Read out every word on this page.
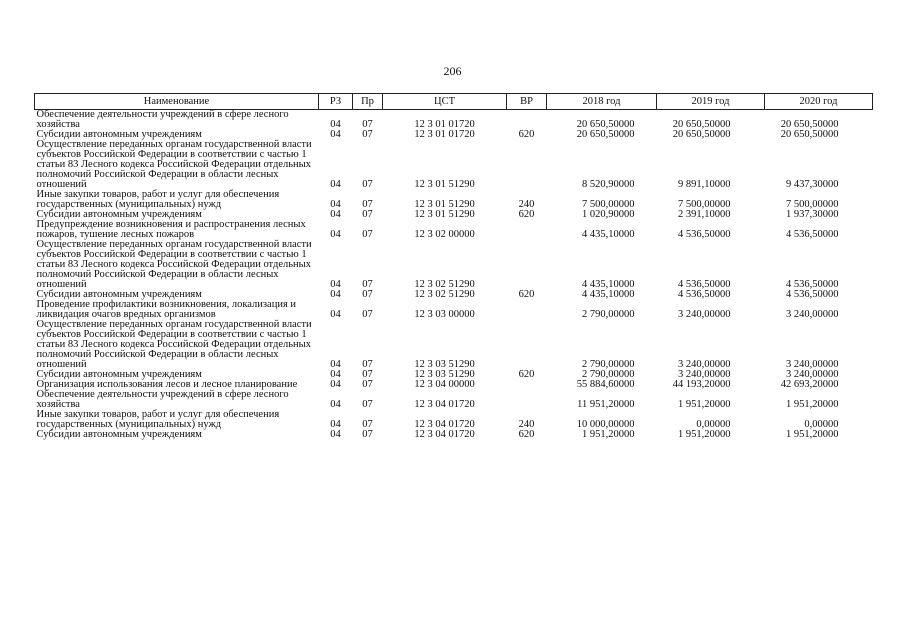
206
Наименование	РЗ	Пр	ЦСТ	ВР	2018 год	2019 год	2020 год
Обеспечение деятельности учреждений в сфере лесного хозяйства	04	07	12 3 01 01720		20 650,50000	20 650,50000	20 650,50000
Субсидии автономным учреждениям	04	07	12 3 01 01720	620	20 650,50000	20 650,50000	20 650,50000
Осуществление переданных органам государственной власти субъектов Российской Федерации в соответствии с частью 1 статьи 83 Лесного кодекса Российской Федерации отдельных полномочий Российской Федерации в области лесных отношений	04	07	12 3 01 51290		8 520,90000	9 891,10000	9 437,30000
Иные закупки товаров, работ и услуг для обеспечения государственных (муниципальных) нужд	04	07	12 3 01 51290	240	7 500,00000	7 500,00000	7 500,00000
Субсидии автономным учреждениям	04	07	12 3 01 51290	620	1 020,90000	2 391,10000	1 937,30000
Предупреждение возникновения и распространения лесных пожаров, тушение лесных пожаров	04	07	12 3 02 00000		4 435,10000	4 536,50000	4 536,50000
Осуществление переданных органам государственной власти субъектов Российской Федерации в соответствии с частью 1 статьи 83 Лесного кодекса Российской Федерации отдельных полномочий Российской Федерации в области лесных отношений	04	07	12 3 02 51290		4 435,10000	4 536,50000	4 536,50000
Субсидии автономным учреждениям	04	07	12 3 02 51290	620	4 435,10000	4 536,50000	4 536,50000
Проведение профилактики возникновения, локализация и ликвидация очагов вредных организмов	04	07	12 3 03 00000		2 790,00000	3 240,00000	3 240,00000
Осуществление переданных органам государственной власти субъектов Российской Федерации в соответствии с частью 1 статьи 83 Лесного кодекса Российской Федерации отдельных полномочий Российской Федерации в области лесных отношений	04	07	12 3 03 51290		2 790,00000	3 240,00000	3 240,00000
Субсидии автономным учреждениям	04	07	12 3 03 51290	620	2 790,00000	3 240,00000	3 240,00000
Организация использования лесов и лесное планирование	04	07	12 3 04 00000		55 884,60000	44 193,20000	42 693,20000
Обеспечение деятельности учреждений в сфере лесного хозяйства	04	07	12 3 04 01720		11 951,20000	1 951,20000	1 951,20000
Иные закупки товаров, работ и услуг для обеспечения государственных (муниципальных) нужд	04	07	12 3 04 01720	240	10 000,00000	0,00000	0,00000
Субсидии автономным учреждениям	04	07	12 3 04 01720	620	1 951,20000	1 951,20000	1 951,20000
